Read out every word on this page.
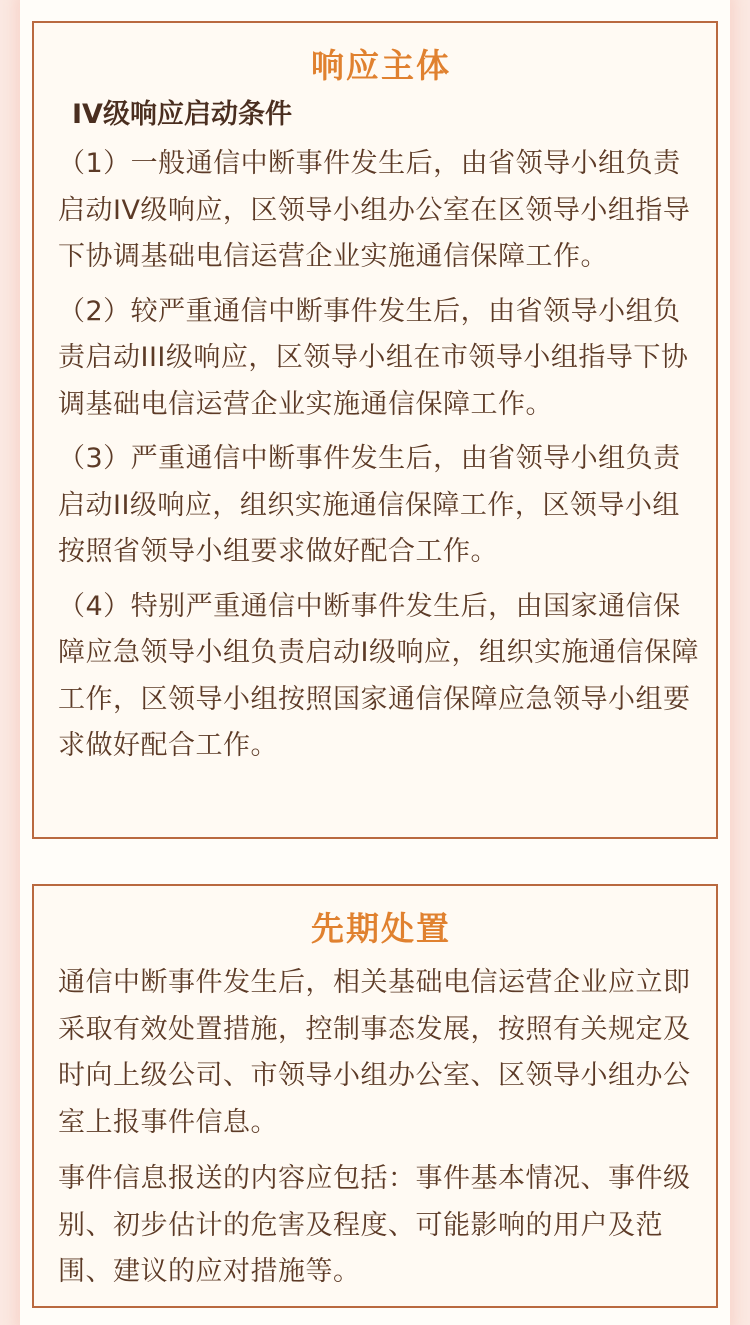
响应主体
IV级响应启动条件

（1）一般通信中断事件发生后，由省领导小组负责启动IV级响应，区领导小组办公室在区领导小组指导下协调基础电信运营企业实施通信保障工作。

（2）较严重通信中断事件发生后，由省领导小组负责启动III级响应，区领导小组在市领导小组指导下协调基础电信运营企业实施通信保障工作。

（3）严重通信中断事件发生后，由省领导小组负责启动II级响应，组织实施通信保障工作，区领导小组按照省领导小组要求做好配合工作。

（4）特别严重通信中断事件发生后，由国家通信保障应急领导小组负责启动I级响应，组织实施通信保障工作，区领导小组按照国家通信保障应急领导小组要求做好配合工作。

先期处置

通信中断事件发生后，相关基础电信运营企业应立即采取有效处置措施，控制事态发展，按照有关规定及时向上级公司、市领导小组办公室、区领导小组办公室上报事件信息。

事件信息报送的内容应包括：事件基本情况、事件级别、初步估计的危害及程度、可能影响的用户及范围、建议的应对措施等。
